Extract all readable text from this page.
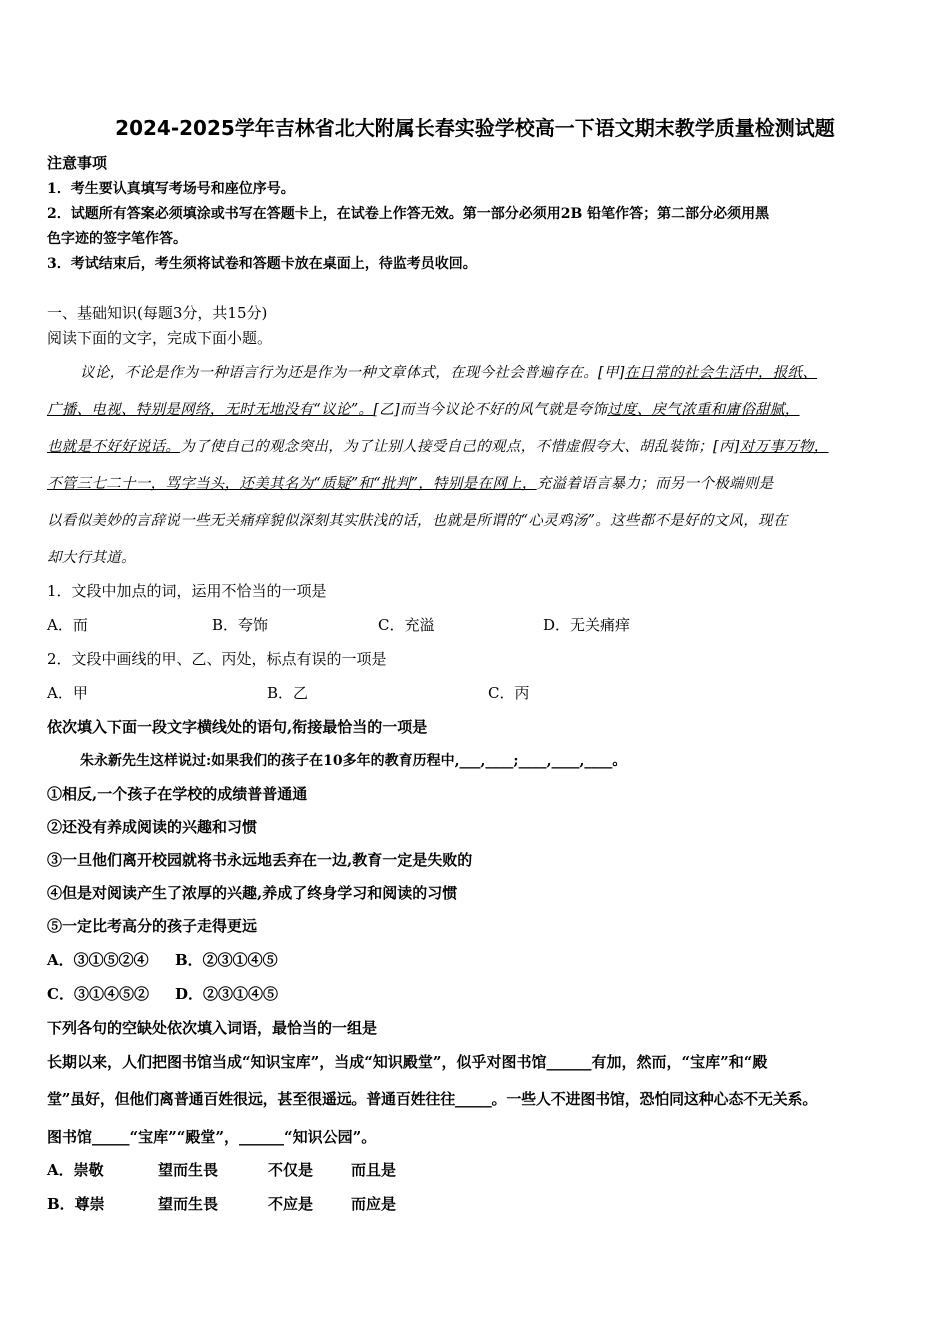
2024-2025学年吉林省北大附属长春实验学校高一下语文期末教学质量检测试题
注意事项
1．考生要认真填写考场号和座位序号。
2．试题所有答案必须填涂或书写在答题卡上，在试卷上作答无效。第一部分必须用2B 铅笔作答；第二部分必须用黑
色字迹的签字笔作答。
3．考试结束后，考生须将试卷和答题卡放在桌面上，待监考员收回。
一、基础知识(每题3分，共15分)
阅读下面的文字，完成下面小题。
议论，不论是作为一种语言行为还是作为一种文章体式，在现今社会普遍存在。[甲]在日常的社会生活中，报纸、
广播、电视、特别是网络，无时无地没有“议论”。[乙]而当今议论不好的风气就是夸饰过度、戾气浓重和庸俗甜腻，
也就是不好好说话。为了使自己的观念突出，为了让别人接受自己的观点，不惜虚假夸大、胡乱装饰；[丙]对万事万物，
不管三七二十一，骂字当头，还美其名为“质疑”和“批判”，特别是在网上，充溢着语言暴力；而另一个极端则是
以看似美妙的言辞说一些无关痛痒貌似深刻其实肤浅的话，也就是所谓的“心灵鸡汤”。这些都不是好的文风，现在
却大行其道。
1．文段中加点的词，运用不恰当的一项是
A．而	B．夸饰	C．充溢	D．无关痛痒
2．文段中画线的甲、乙、丙处，标点有误的一项是
A．甲	B．乙	C．丙
依次填入下面一段文字横线处的语句,衔接最恰当的一项是
朱永新先生这样说过:如果我们的孩子在10多年的教育历程中,___,____;____,____,____。
①相反,一个孩子在学校的成绩普普通通
②还没有养成阅读的兴趣和习惯
③一旦他们离开校园就将书永远地丢弃在一边,教育一定是失败的
④但是对阅读产生了浓厚的兴趣,养成了终身学习和阅读的习惯
⑤一定比考高分的孩子走得更远
A．③①⑤②④ B．②③①④⑤
C．③①④⑤② D．②③①④⑤
下列各句的空缺处依次填入词语，最恰当的一组是
长期以来，人们把图书馆当成“知识宝库”，当成“知识殿堂”，似乎对图书馆______有加，然而，“宝库”和“殿
堂”虽好，但他们离普通百姓很远，甚至很遥远。普通百姓往往_____。一些人不进图书馆，恐怕同这种心态不无关系。
图书馆_____“宝库”“殿堂”，______“知识公园”。
A．崇敬	望而生畏	不仅是	而且是
B．尊崇	望而生畏	不应是	而应是
